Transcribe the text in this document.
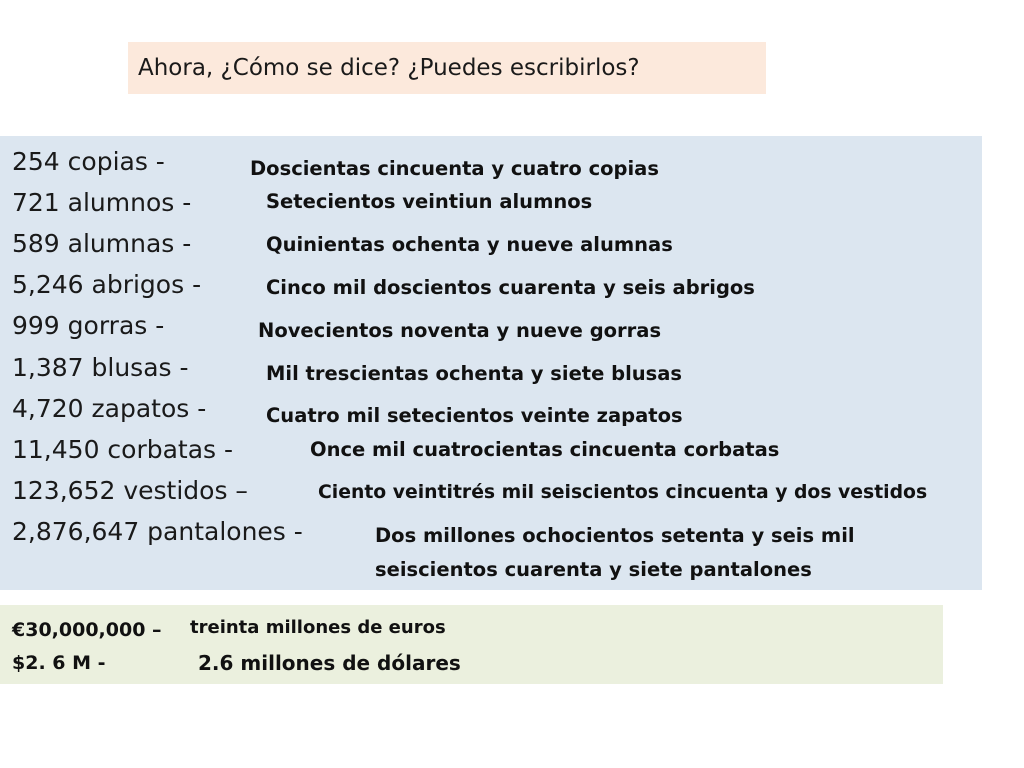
Ahora, ¿Cómo se dice? ¿Puedes escribirlos?
254 copias -
721 alumnos -
589 alumnas -
5,246 abrigos -
999 gorras -
1,387 blusas -
4,720 zapatos -
11,450 corbatas -
123,652 vestidos –
2,876,647 pantalones -
Doscientas cincuenta y cuatro copias
Setecientos veintiun alumnos
Quinientas ochenta y nueve alumnas
Cinco mil doscientos cuarenta y seis abrigos
Novecientos noventa y nueve gorras
Mil trescientas ochenta y siete blusas
Cuatro mil setecientos veinte zapatos
Once mil cuatrocientas cincuenta corbatas
Ciento veintitrés mil seiscientos cincuenta y dos vestidos
Dos millones ochocientos setenta y seis mil
seiscientos cuarenta y siete pantalones
€30,000,000 – treinta millones de euros
$2. 6 M -	2.6 millones de dólares
